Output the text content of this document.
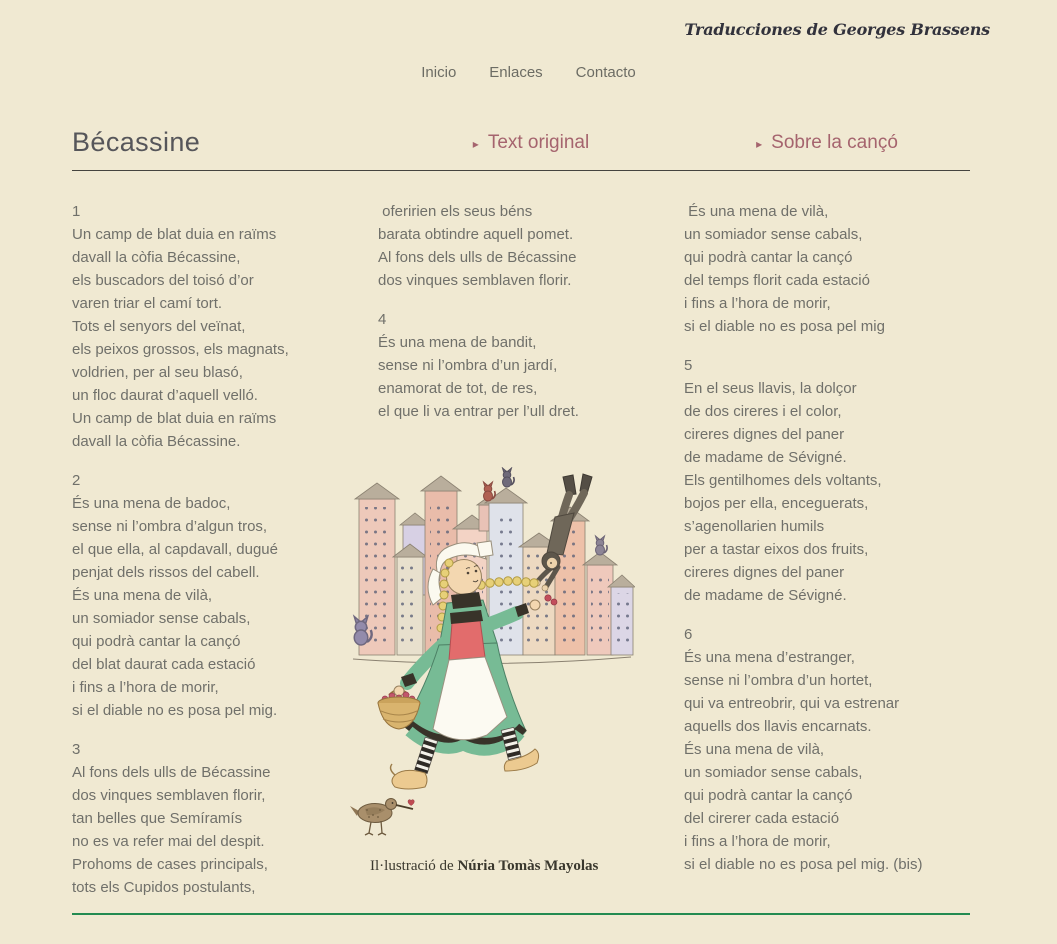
Traducciones de Georges Brassens
Inicio Enlaces Contacto
Bécassine	▸ Text original	▸ Sobre la cançó
1
Un camp de blat duia en raïms
davall la còfia Bécassine,
els buscadors del toisó d’or
varen triar el camí tort.
Tots el senyors del veïnat,
els peixos grossos, els magnats,
voldrien, per al seu blasó,
un floc daurat d’aquell velló.
Un camp de blat duia en raïms
davall la còfia Bécassine.
2
És una mena de badoc,
sense ni l’ombra d’algun tros,
el que ella, al capdavall, dugué
penjat dels rissos del cabell.
És una mena de vilà,
un somiador sense cabals,
qui podrà cantar la cançó
del blat daurat cada estació
i fins a l’hora de morir,
si el diable no es posa pel mig.
3
Al fons dels ulls de Bécassine
dos vinques semblaven florir,
tan belles que Semíramís
no es va refer mai del despit.
Prohoms de cases principals,
tots els Cupidos postulants,
oferirien els seus béns
barata obtindre aquell pomet.
Al fons dels ulls de Bécassine
dos vinques semblaven florir.
4
És una mena de bandit,
sense ni l’ombra d’un jardí,
enamorat de tot, de res,
el que li va entrar per l’ull dret.
Il·lustració de Núria Tomàs Mayolas
És una mena de vilà,
un somiador sense cabals,
qui podrà cantar la cançó
del temps florit cada estació
i fins a l’hora de morir,
si el diable no es posa pel mig
5
En el seus llavis, la dolçor
de dos cireres i el color,
cireres dignes del paner
de madame de Sévigné.
Els gentilhomes dels voltants,
bojos per ella, enceguerats,
s’agenollarien humils
per a tastar eixos dos fruits,
cireres dignes del paner
de madame de Sévigné.
6
És una mena d’estranger,
sense ni l’ombra d’un hortet,
qui va entreobrir, qui va estrenar
aquells dos llavis encarnats.
És una mena de vilà,
un somiador sense cabals,
qui podrà cantar la cançó
del cirerer cada estació
i fins a l’hora de morir,
si el diable no es posa pel mig. (bis)
